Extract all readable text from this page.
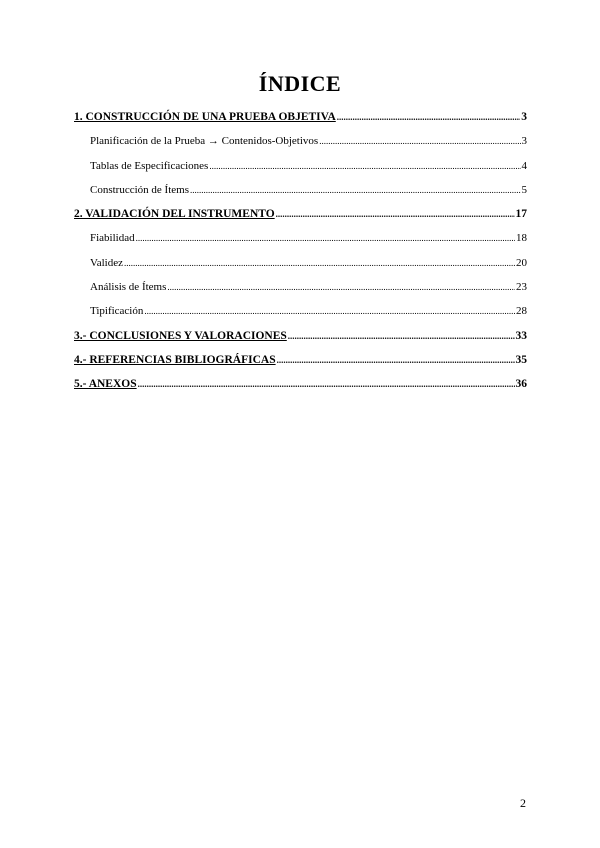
ÍNDICE
1. CONSTRUCCIÓN DE UNA PRUEBA OBJETIVA .....	3
Planificación de la Prueba → Contenidos-Objetivos .....	3
Tablas de Especificaciones .....	4
Construcción de Ítems .....	5
2. VALIDACIÓN DEL INSTRUMENTO .....	17
Fiabilidad .....	18
Validez .....	20
Análisis de Ítems .....	23
Tipificación .....	28
3.- CONCLUSIONES Y VALORACIONES .....	33
4.- REFERENCIAS BIBLIOGRÁFICAS .....	35
5.- ANEXOS .....	36
2
